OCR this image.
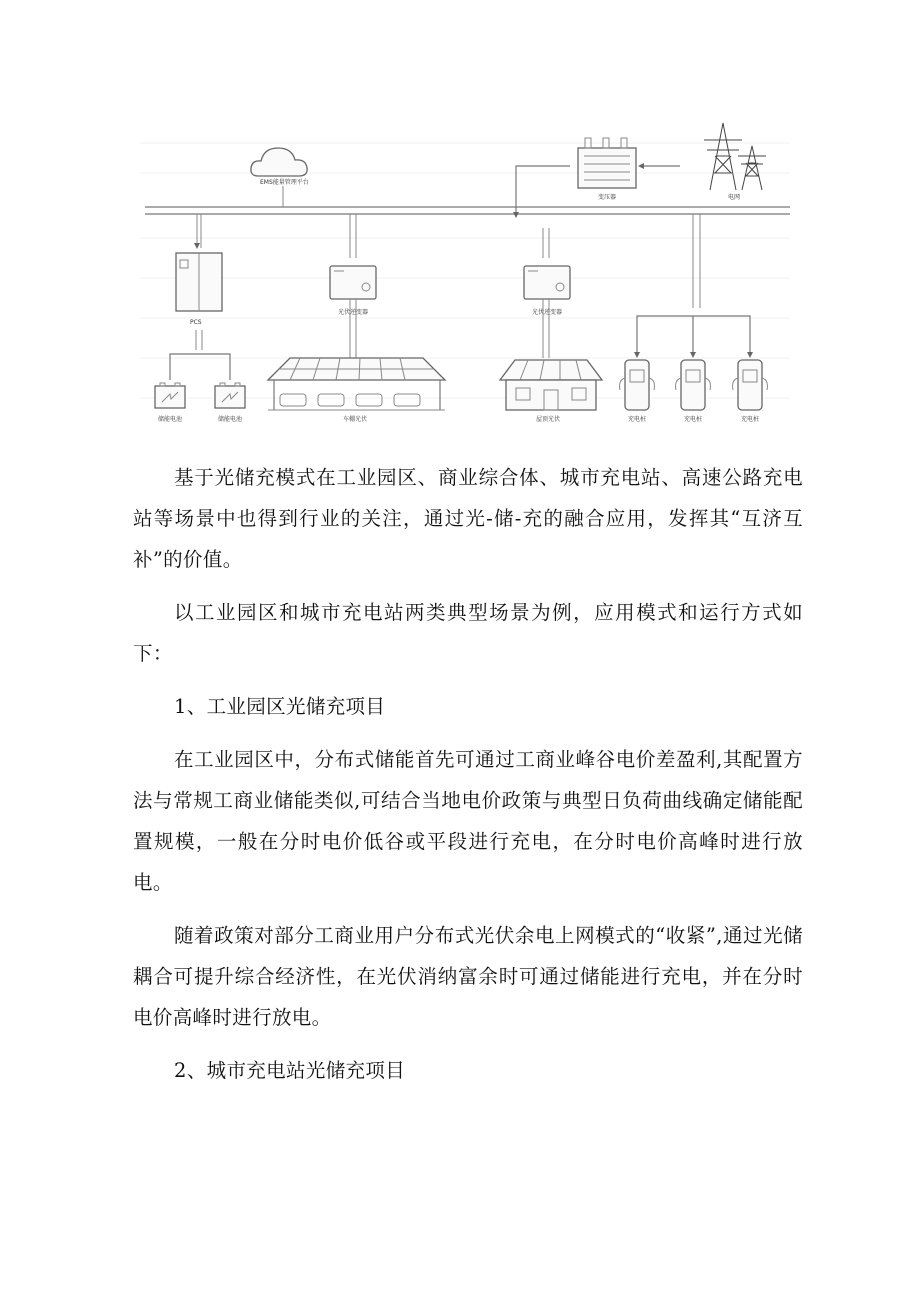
EMS能量管理平台
变压器	电网
PCS
储能电池	储能电池
光伏逆变器
车棚光伏
光伏逆变器
屋顶光伏	充电桩	充电桩	充电桩

基于光储充模式在工业园区、商业综合体、城市充电站、高速公路充电站等场景中也得到行业的关注，通过光-储-充的融合应用，发挥其“互济互补”的价值。

以工业园区和城市充电站两类典型场景为例，应用模式和运行方式如下：

1、工业园区光储充项目

在工业园区中，分布式储能首先可通过工商业峰谷电价差盈利,其配置方法与常规工商业储能类似,可结合当地电价政策与典型日负荷曲线确定储能配置规模，一般在分时电价低谷或平段进行充电，在分时电价高峰时进行放电。

随着政策对部分工商业用户分布式光伏余电上网模式的“收紧”,通过光储耦合可提升综合经济性，在光伏消纳富余时可通过储能进行充电，并在分时电价高峰时进行放电。

2、城市充电站光储充项目
